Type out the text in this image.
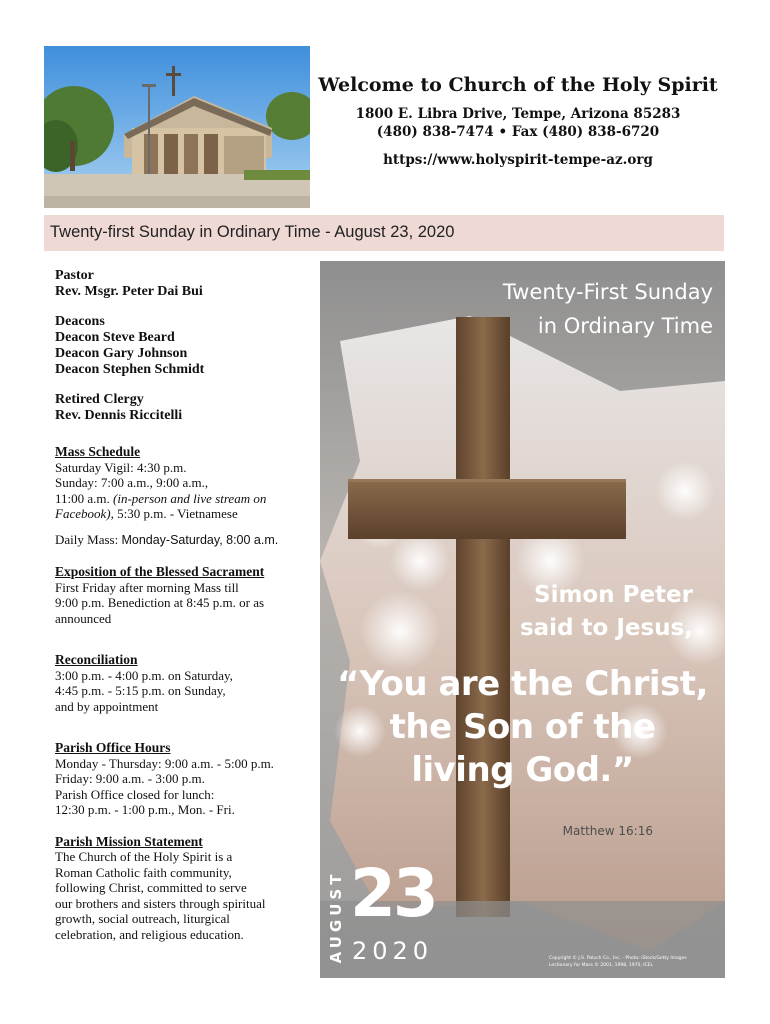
Welcome to Church of the Holy Spirit
1800 E. Libra Drive, Tempe, Arizona 85283
(480) 838-7474 • Fax (480) 838-6720
https://www.holyspirit-tempe-az.org
Twenty-first Sunday in Ordinary Time - August 23, 2020
Pastor
Rev. Msgr. Peter Dai Bui
Deacons
Deacon Steve Beard
Deacon Gary Johnson
Deacon Stephen Schmidt
Retired Clergy
Rev. Dennis Riccitelli
Mass Schedule
Saturday Vigil: 4:30 p.m.
Sunday: 7:00 a.m., 9:00 a.m.,
11:00 a.m. (in-person and live stream on Facebook), 5:30 p.m. - Vietnamese
Daily Mass: Monday-Saturday, 8:00 a.m.
Exposition of the Blessed Sacrament
First Friday after morning Mass till
9:00 p.m. Benediction at 8:45 p.m. or as
announced
Reconciliation
3:00 p.m. - 4:00 p.m. on Saturday,
4:45 p.m. - 5:15 p.m. on Sunday,
and by appointment
Parish Office Hours
Monday - Thursday: 9:00 a.m. - 5:00 p.m.
Friday: 9:00 a.m. - 3:00 p.m.
Parish Office closed for lunch:
12:30 p.m. - 1:00 p.m., Mon. - Fri.
Parish Mission Statement
The Church of the Holy Spirit is a
Roman Catholic faith community,
following Christ, committed to serve
our brothers and sisters through spiritual
growth, social outreach, liturgical
celebration, and religious education.
Twenty-First Sunday
in Ordinary Time
Simon Peter
said to Jesus,
“You are the Christ,
the Son of the
living God.”
Matthew 16:16
AUGUST 23
2020	Copyright © J.S. Paluch Co., Inc. · Photo: iStock/Getty Images
Lectionary for Mass © 2001, 1998, 1970, ICEL
